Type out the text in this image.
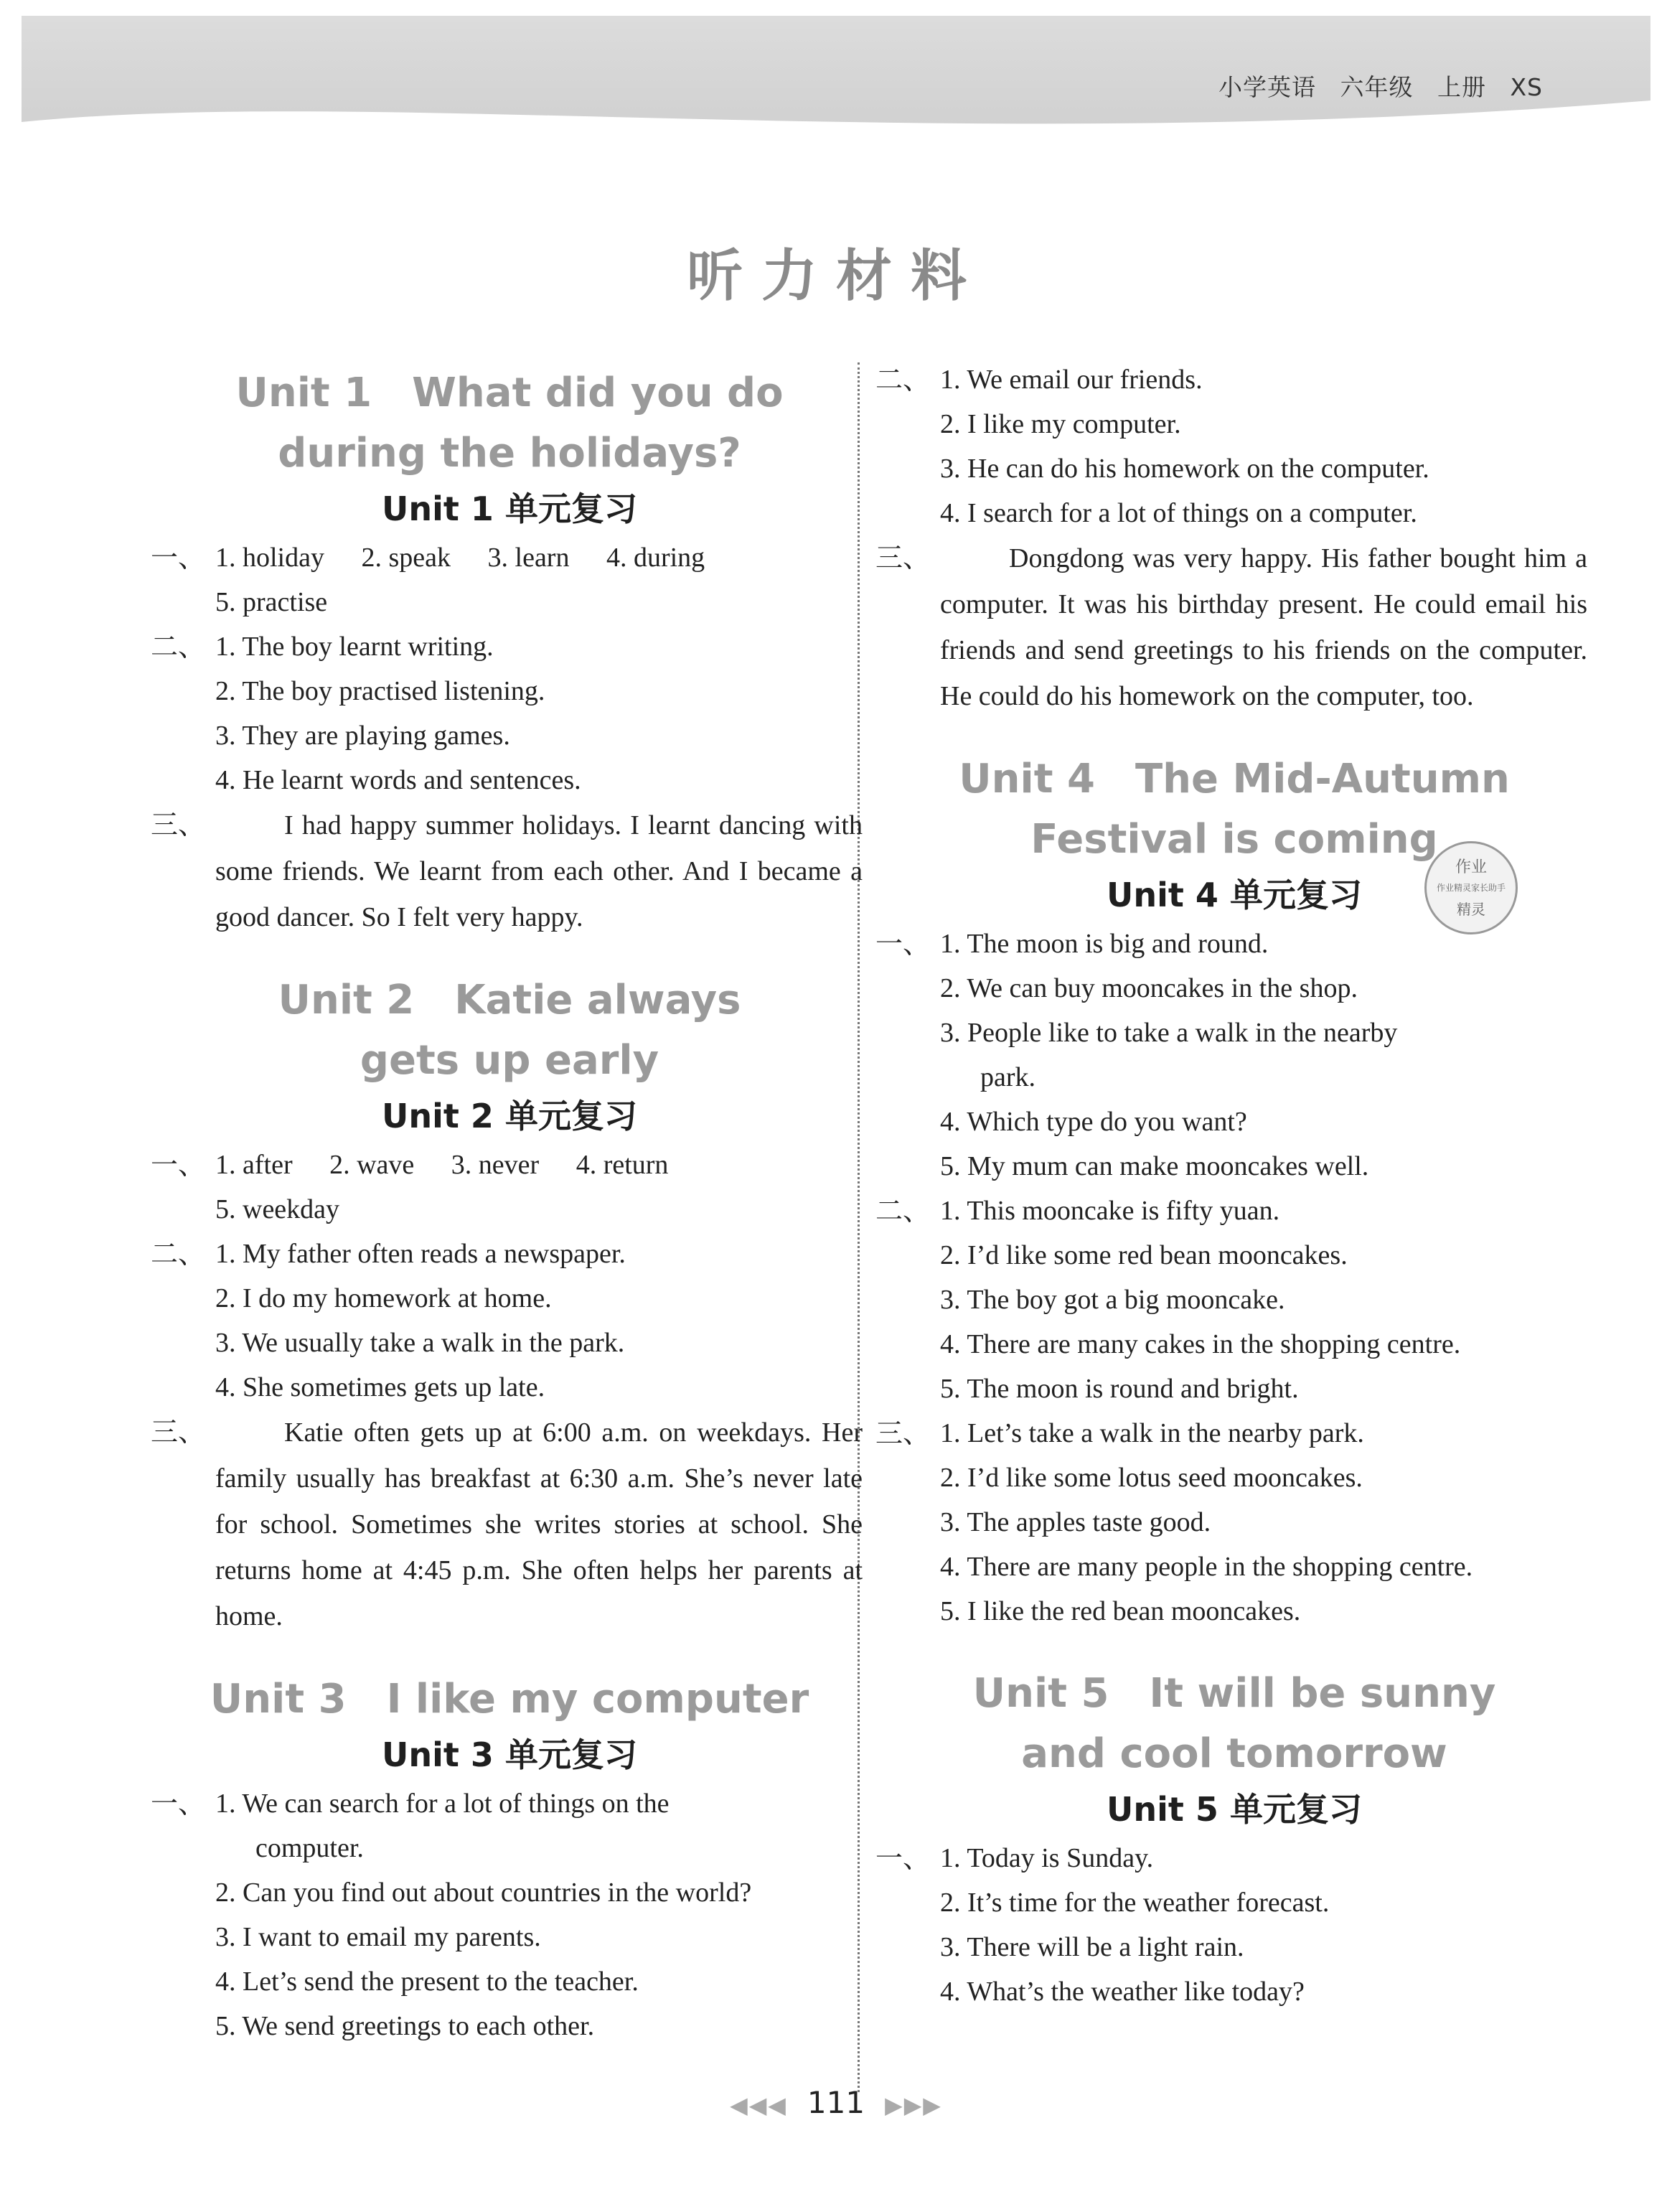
小学英语 六年级 上册 XS
听力材料
Unit 1　What did you do
during the holidays?
Unit 1 单元复习
一、 1. holiday 2. speak 3. learn 4. during
5. practise
二、 1. The boy learnt writing.
2. The boy practised listening.
3. They are playing games.
4. He learnt words and sentences.
三、	I had happy summer holidays. I learnt dancing with some friends. We learnt from each other. And I became a good dancer. So I felt very happy.
Unit 2　Katie always
gets up early
Unit 2 单元复习
一、 1. after 2. wave 3. never 4. return
5. weekday
二、 1. My father often reads a newspaper.
2. I do my homework at home.
3. We usually take a walk in the park.
4. She sometimes gets up late.
三、	Katie often gets up at 6:00 a.m. on weekdays. Her family usually has breakfast at 6:30 a.m. She’s never late for school. Sometimes she writes stories at school. She returns home at 4:45 p.m. She often helps her parents at home.
Unit 3　I like my computer
Unit 3 单元复习
一、 1. We can search for a lot of things on the
computer.
2. Can you find out about countries in the world?
3. I want to email my parents.
4. Let’s send the present to the teacher.
5. We send greetings to each other.
二、 1. We email our friends.
2. I like my computer.
3. He can do his homework on the computer.
4. I search for a lot of things on a computer.
三、	Dongdong was very happy. His father bought him a computer. It was his birthday present. He could email his friends and send greetings to his friends on the computer. He could do his homework on the computer, too.
Unit 4　The Mid-Autumn
Festival is coming
Unit 4 单元复习
一、 1. The moon is big and round.
2. We can buy mooncakes in the shop.
3. People like to take a walk in the nearby
park.
4. Which type do you want?
5. My mum can make mooncakes well.
二、 1. This mooncake is fifty yuan.
2. I’d like some red bean mooncakes.
3. The boy got a big mooncake.
4. There are many cakes in the shopping centre.
5. The moon is round and bright.
三、 1. Let’s take a walk in the nearby park.
2. I’d like some lotus seed mooncakes.
3. The apples taste good.
4. There are many people in the shopping centre.
5. I like the red bean mooncakes.
Unit 5　It will be sunny
and cool tomorrow
Unit 5 单元复习
一、 1. Today is Sunday.
2. It’s time for the weather forecast.
3. There will be a light rain.
4. What’s the weather like today?
作业
作业精灵家长助手
精灵
◀◀◀ 111 ▶▶▶
